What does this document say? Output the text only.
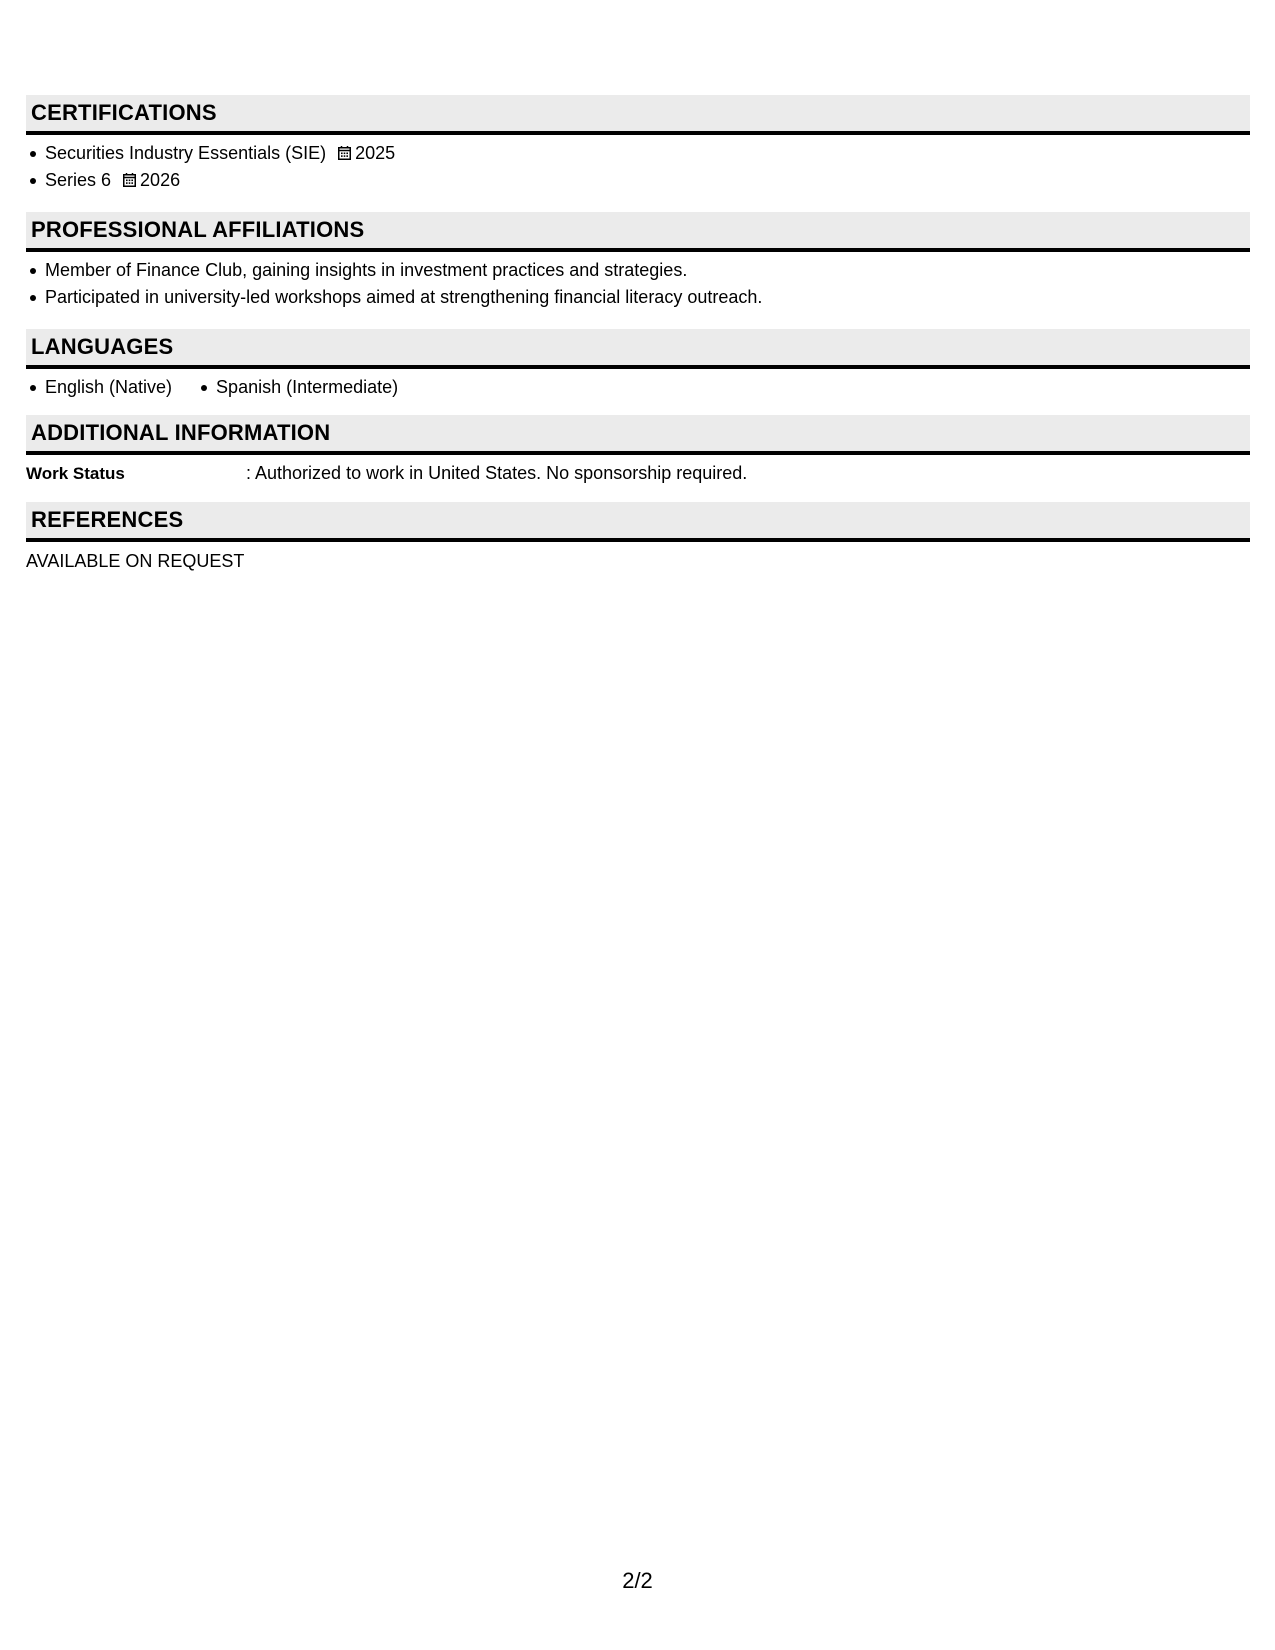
CERTIFICATIONS
Securities Industry Essentials (SIE) 2025
Series 6 2026
PROFESSIONAL AFFILIATIONS
Member of Finance Club, gaining insights in investment practices and strategies.
Participated in university-led workshops aimed at strengthening financial literacy outreach.
LANGUAGES
English (Native) Spanish (Intermediate)
ADDITIONAL INFORMATION
Work Status	: Authorized to work in United States. No sponsorship required.
REFERENCES

AVAILABLE ON REQUEST

2/2
